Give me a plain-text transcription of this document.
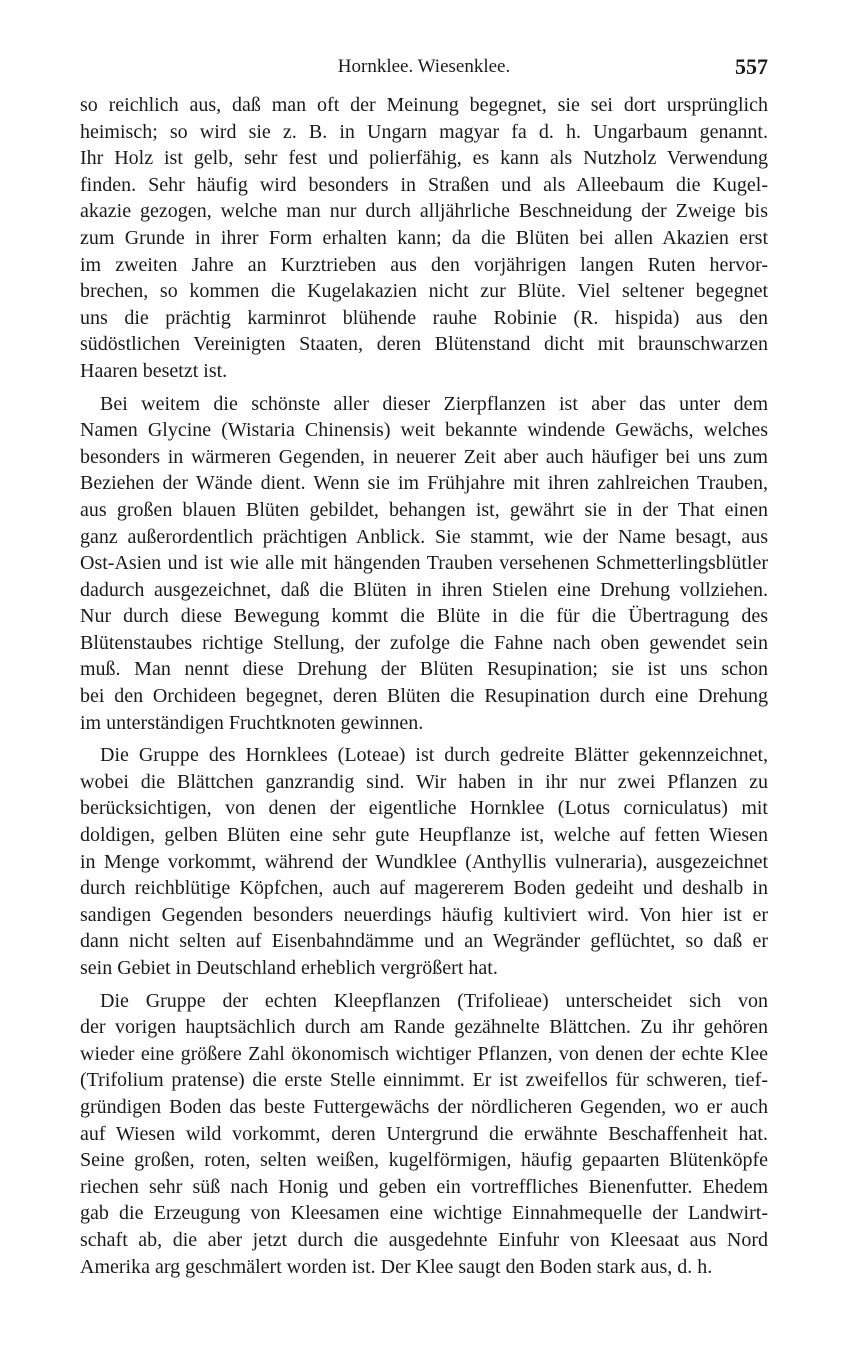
Hornklee. Wiesenklee.	557
so reichlich aus, daß man oft der Meinung begegnet, sie sei dort ursprünglich
heimisch; so wird sie z. B. in Ungarn magyar fa d. h. Ungarbaum genannt.
Ihr Holz ist gelb, sehr fest und polierfähig, es kann als Nutzholz Verwendung
finden. Sehr häufig wird besonders in Straßen und als Alleebaum die Kugel-
akazie gezogen, welche man nur durch alljährliche Beschneidung der Zweige bis
zum Grunde in ihrer Form erhalten kann; da die Blüten bei allen Akazien erst
im zweiten Jahre an Kurztrieben aus den vorjährigen langen Ruten hervor-
brechen, so kommen die Kugelakazien nicht zur Blüte. Viel seltener begegnet
uns die prächtig karminrot blühende rauhe Robinie (R. hispida) aus den
südöstlichen Vereinigten Staaten, deren Blütenstand dicht mit braunschwarzen
Haaren besetzt ist.
Bei weitem die schönste aller dieser Zierpflanzen ist aber das unter dem
Namen Glycine (Wistaria Chinensis) weit bekannte windende Gewächs, welches
besonders in wärmeren Gegenden, in neuerer Zeit aber auch häufiger bei uns zum
Beziehen der Wände dient. Wenn sie im Frühjahre mit ihren zahlreichen Trauben,
aus großen blauen Blüten gebildet, behangen ist, gewährt sie in der That einen
ganz außerordentlich prächtigen Anblick. Sie stammt, wie der Name besagt, aus
Ost-Asien und ist wie alle mit hängenden Trauben versehenen Schmetterlingsblütler
dadurch ausgezeichnet, daß die Blüten in ihren Stielen eine Drehung vollziehen.
Nur durch diese Bewegung kommt die Blüte in die für die Übertragung des
Blütenstaubes richtige Stellung, der zufolge die Fahne nach oben gewendet sein
muß. Man nennt diese Drehung der Blüten Resupination; sie ist uns schon
bei den Orchideen begegnet, deren Blüten die Resupination durch eine Drehung
im unterständigen Fruchtknoten gewinnen.
Die Gruppe des Hornklees (Loteae) ist durch gedreite Blätter gekennzeichnet,
wobei die Blättchen ganzrandig sind. Wir haben in ihr nur zwei Pflanzen zu
berücksichtigen, von denen der eigentliche Hornklee (Lotus corniculatus) mit
doldigen, gelben Blüten eine sehr gute Heupflanze ist, welche auf fetten Wiesen
in Menge vorkommt, während der Wundklee (Anthyllis vulneraria), ausgezeichnet
durch reichblütige Köpfchen, auch auf magererem Boden gedeiht und deshalb in
sandigen Gegenden besonders neuerdings häufig kultiviert wird. Von hier ist er
dann nicht selten auf Eisenbahndämme und an Wegränder geflüchtet, so daß er
sein Gebiet in Deutschland erheblich vergrößert hat.
Die Gruppe der echten Kleepflanzen (Trifolieae) unterscheidet sich von
der vorigen hauptsächlich durch am Rande gezähnelte Blättchen. Zu ihr gehören
wieder eine größere Zahl ökonomisch wichtiger Pflanzen, von denen der echte Klee
(Trifolium pratense) die erste Stelle einnimmt. Er ist zweifellos für schweren, tief-
gründigen Boden das beste Futtergewächs der nördlicheren Gegenden, wo er auch
auf Wiesen wild vorkommt, deren Untergrund die erwähnte Beschaffenheit hat.
Seine großen, roten, selten weißen, kugelförmigen, häufig gepaarten Blütenköpfe
riechen sehr süß nach Honig und geben ein vortreffliches Bienenfutter. Ehedem
gab die Erzeugung von Kleesamen eine wichtige Einnahmequelle der Landwirt-
schaft ab, die aber jetzt durch die ausgedehnte Einfuhr von Kleesaat aus Nord
Amerika arg geschmälert worden ist. Der Klee saugt den Boden stark aus, d. h.
